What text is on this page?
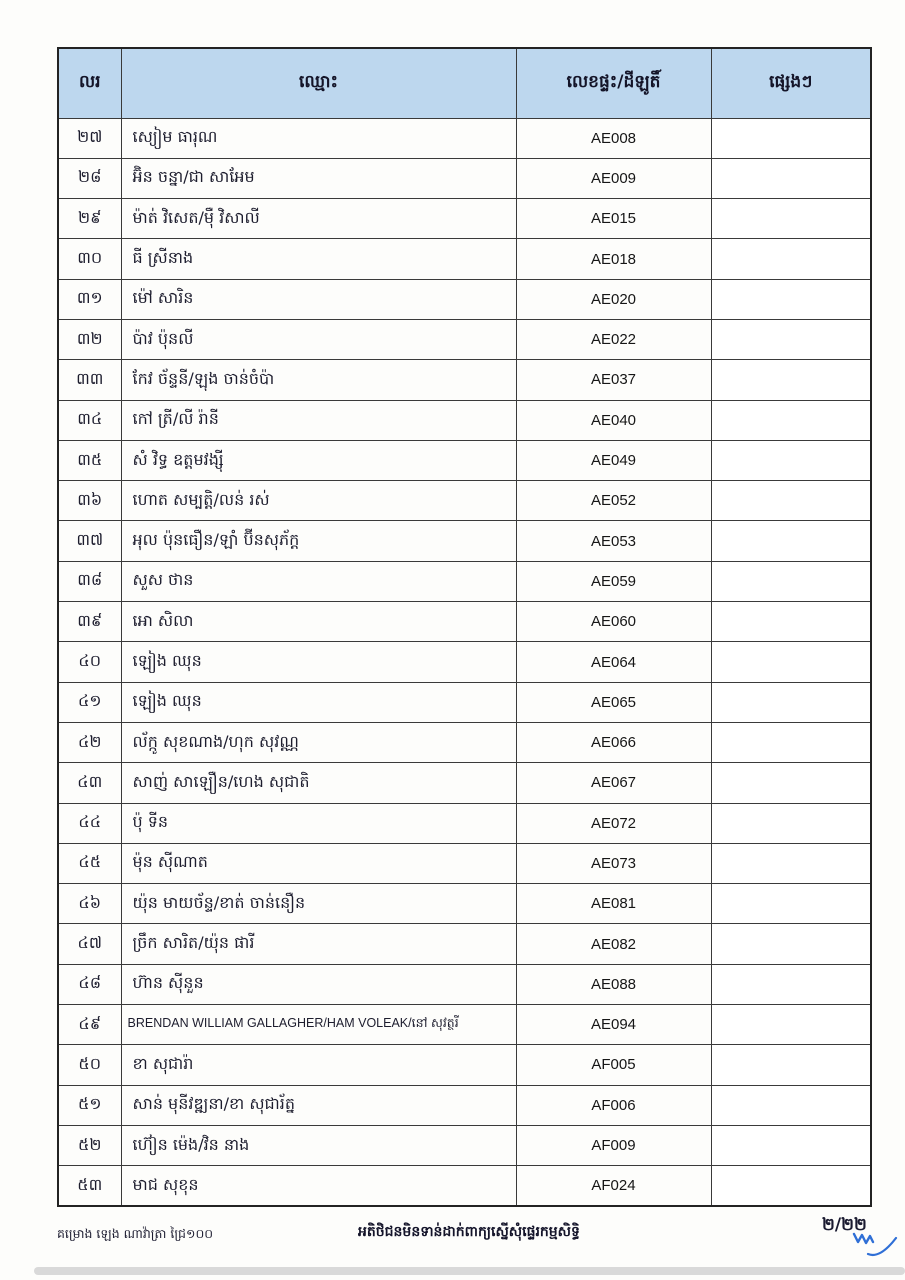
លរ	ឈ្មោះ	លេខផ្ទះ/ដីឡូតិ៍	ផ្សេងៗ
២៧	ស្យៀម ធារុណ	AE008	
២៨	អ៊ិន ចន្នា/ជា សាអែម	AE009	
២៩	ម៉ាត់ វិសេត/ម៉ឺ វិសាលី	AE015	
៣០	ធី ស្រីនាង	AE018	
៣១	ម៉ៅ សារិន	AE020	
៣២	ប៉ាវ ប៉ុនលី	AE022	
៣៣	កែវ ច័ន្ទនី/ឡុង ចាន់ចំប៉ា	AE037	
៣៤	កៅ ត្រី/លី រ៉ានី	AE040	
៣៥	សំ វិទ្ធ ឧត្តមវង្ស៊ី	AE049	
៣៦	ហោត សម្បត្តិ/លន់ រស់	AE052	
៣៧	អុល ប៉ុនធឿន/ឡាំ ប៊ីនសុភ័ក្ត	AE053	
៣៨	សួស ថាន	AE059	
៣៩	អោ សិលា	AE060	
៤០	ឡៀង ឈុន	AE064	
៤១	ឡៀង ឈុន	AE065	
៤២	ល័ក្កូ សុខណាង/ហុក សុវណ្ណ	AE066	
៤៣	សាញ់ សាឡឿន/ហេង សុជាតិ	AE067	
៤៤	ប៉ុ ទីន	AE072	
៤៥	ម៉ុន ស៊ីណាត	AE073	
៤៦	យ៉ុន មាយច័ន្ទ/ខាត់ ចាន់នឿន	AE081	
៤៧	ច្រឹក សារិត/យ៉ុន ផារី	AE082	
៤៨	ហ៊ាន ស៊ីនួន	AE088	
៤៩	BRENDAN WILLIAM GALLAGHER/HAM VOLEAK/នៅ សុវត្ថរី	AE094	
៥០	ខា សុជារ៉ា	AF005	
៥១	សាន់ មុនីវឌ្ឍនា/ខា សុជារ័ត្ន	AF006	
៥២	ហ៊ៀន ម៉េង/វិន នាង	AF009	
៥៣	មាជ សុខុន	AF024	
គម្រោង ឡេង ណាវ៉ាត្រា ជ្រៃ១០០	អតិថិជនមិនទាន់ដាក់ពាក្យស្នើសុំផ្ទេរកម្មសិទ្ធិ	២/២២
